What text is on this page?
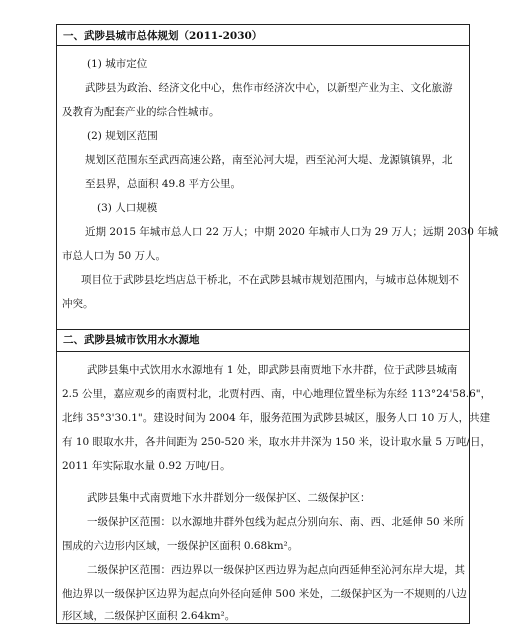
一、武陟县城市总体规划（2011-2030）
(1) 城市定位
武陟县为政治、经济文化中心，焦作市经济次中心，以新型产业为主、文化旅游
及教育为配套产业的综合性城市。
(2) 规划区范围
规划区范围东至武西高速公路，南至沁河大堤，西至沁河大堤、龙源镇镇界，北
至县界，总面积 49.8 平方公里。
(3) 人口规模
近期 2015 年城市总人口 22 万人；中期 2020 年城市人口为 29 万人；远期 2030 年城
市总人口为 50 万人。
项目位于武陟县圪垱店总干桥北，不在武陟县城市规划范围内，与城市总体规划不
冲突。
二、武陟县城市饮用水水源地
武陟县集中式饮用水水源地有 1 处，即武陟县南贾地下水井群，位于武陟县城南
2.5 公里，嘉应观乡的南贾村北，北贾村西、南，中心地理位置坐标为东经 113°24'58.6"，
北纬 35°3'30.1"。建设时间为 2004 年，服务范围为武陟县城区，服务人口 10 万人，共建
有 10 眼取水井，各井间距为 250-520 米，取水井井深为 150 米，设计取水量 5 万吨/日，
2011 年实际取水量 0.92 万吨/日。
武陟县集中式南贾地下水井群划分一级保护区、二级保护区：
一级保护区范围：以水源地井群外包线为起点分别向东、南、西、北延伸 50 米所
围成的六边形内区域，一级保护区面积 0.68km²。
二级保护区范围：西边界以一级保护区西边界为起点向西延伸至沁河东岸大堤，其
他边界以一级保护区边界为起点向外径向延伸 500 米处，二级保护区为一不规则的八边
形区域，二级保护区面积 2.64km²。
